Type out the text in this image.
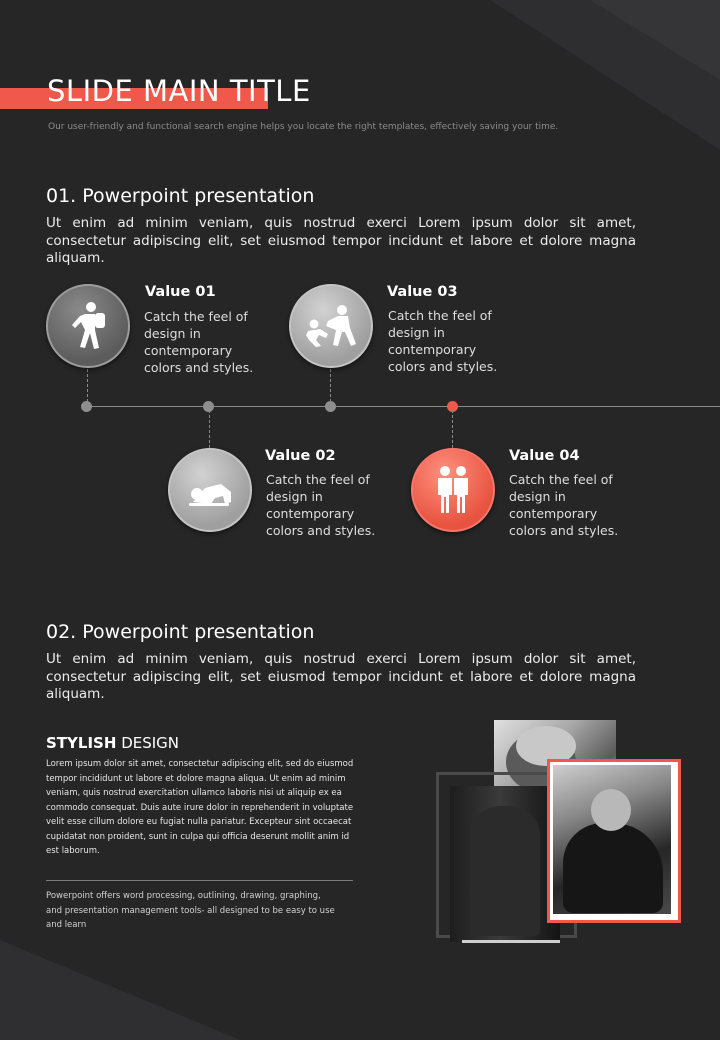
SLIDE MAIN TITLE
Our user-friendly and functional search engine helps you locate the right templates, effectively saving your time.
01. Powerpoint presentation

Ut enim ad minim veniam, quis nostrud exerci Lorem ipsum dolor sit amet, consectetur adipiscing elit, set eiusmod tempor incidunt et labore et dolore magna aliquam.

Value 01
Catch the feel of design in contemporary colors and styles.
Value 03
Catch the feel of design in contemporary colors and styles.
Value 02
Catch the feel of design in contemporary colors and styles.
Value 04
Catch the feel of design in contemporary colors and styles.
02. Powerpoint presentation

Ut enim ad minim veniam, quis nostrud exerci Lorem ipsum dolor sit amet, consectetur adipiscing elit, set eiusmod tempor incidunt et labore et dolore magna aliquam.

STYLISH DESIGN
Lorem ipsum dolor sit amet, consectetur adipiscing elit, sed do eiusmod tempor incididunt ut labore et dolore magna aliqua. Ut enim ad minim veniam, quis nostrud exercitation ullamco laboris nisi ut aliquip ex ea commodo consequat. Duis aute irure dolor in reprehenderit in voluptate velit esse cillum dolore eu fugiat nulla pariatur. Excepteur sint occaecat cupidatat non proident, sunt in culpa qui officia deserunt mollit anim id est laborum.
Powerpoint offers word processing, outlining, drawing, graphing, and presentation management tools- all designed to be easy to use and learn
